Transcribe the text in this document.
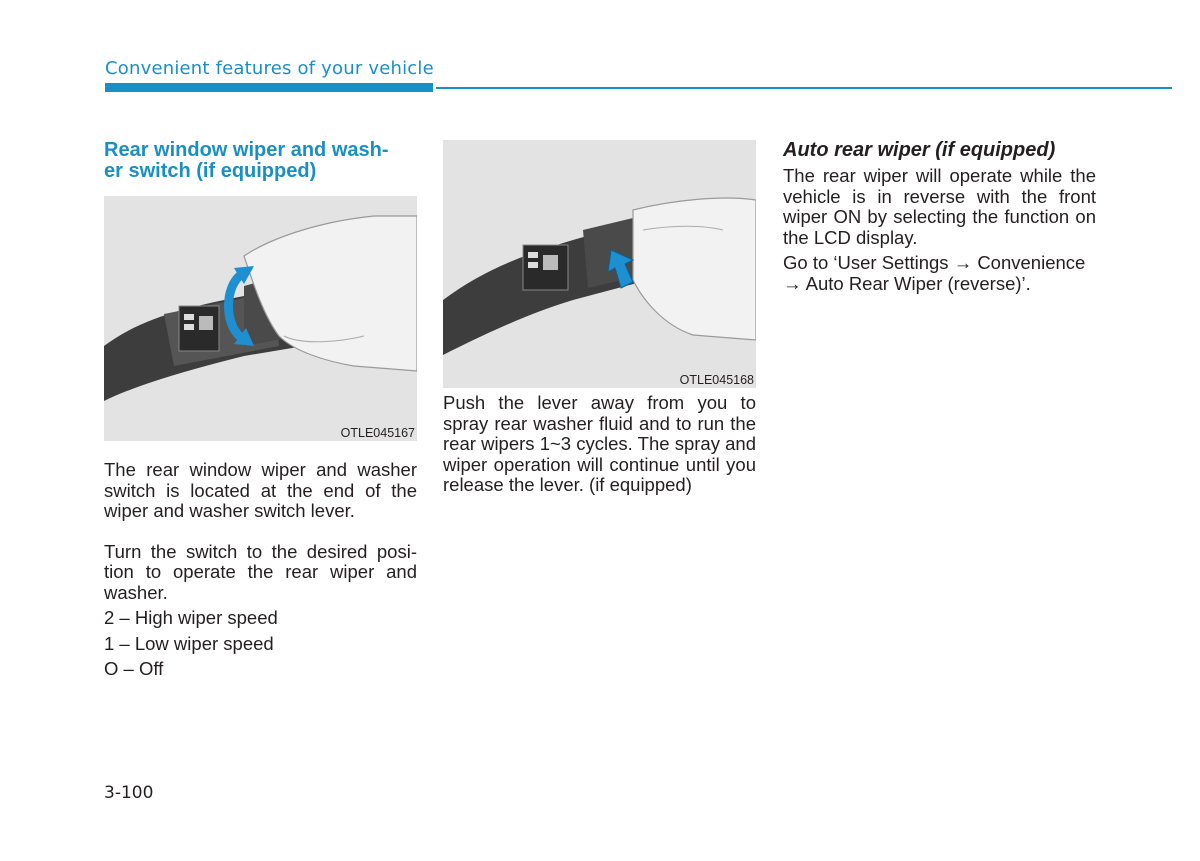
Convenient features of your vehicle
Rear window wiper and wash-
er switch (if equipped)
OTLE045167

The rear window wiper and washer switch is located at the end of the wiper and washer switch lever.

Turn the switch to the desired posi-tion to operate the rear wiper and washer.

2 – High wiper speed

1 – Low wiper speed

O – Off

OTLE045168

Push the lever away from you to spray rear washer fluid and to run the rear wipers 1~3 cycles. The spray and wiper operation will continue until you release the lever. (if equipped)

Auto rear wiper (if equipped)

The rear wiper will operate while the vehicle is in reverse with the front wiper ON by selecting the function on the LCD display.

Go to ‘User Settings → Convenience → Auto Rear Wiper (reverse)’.

3-100
